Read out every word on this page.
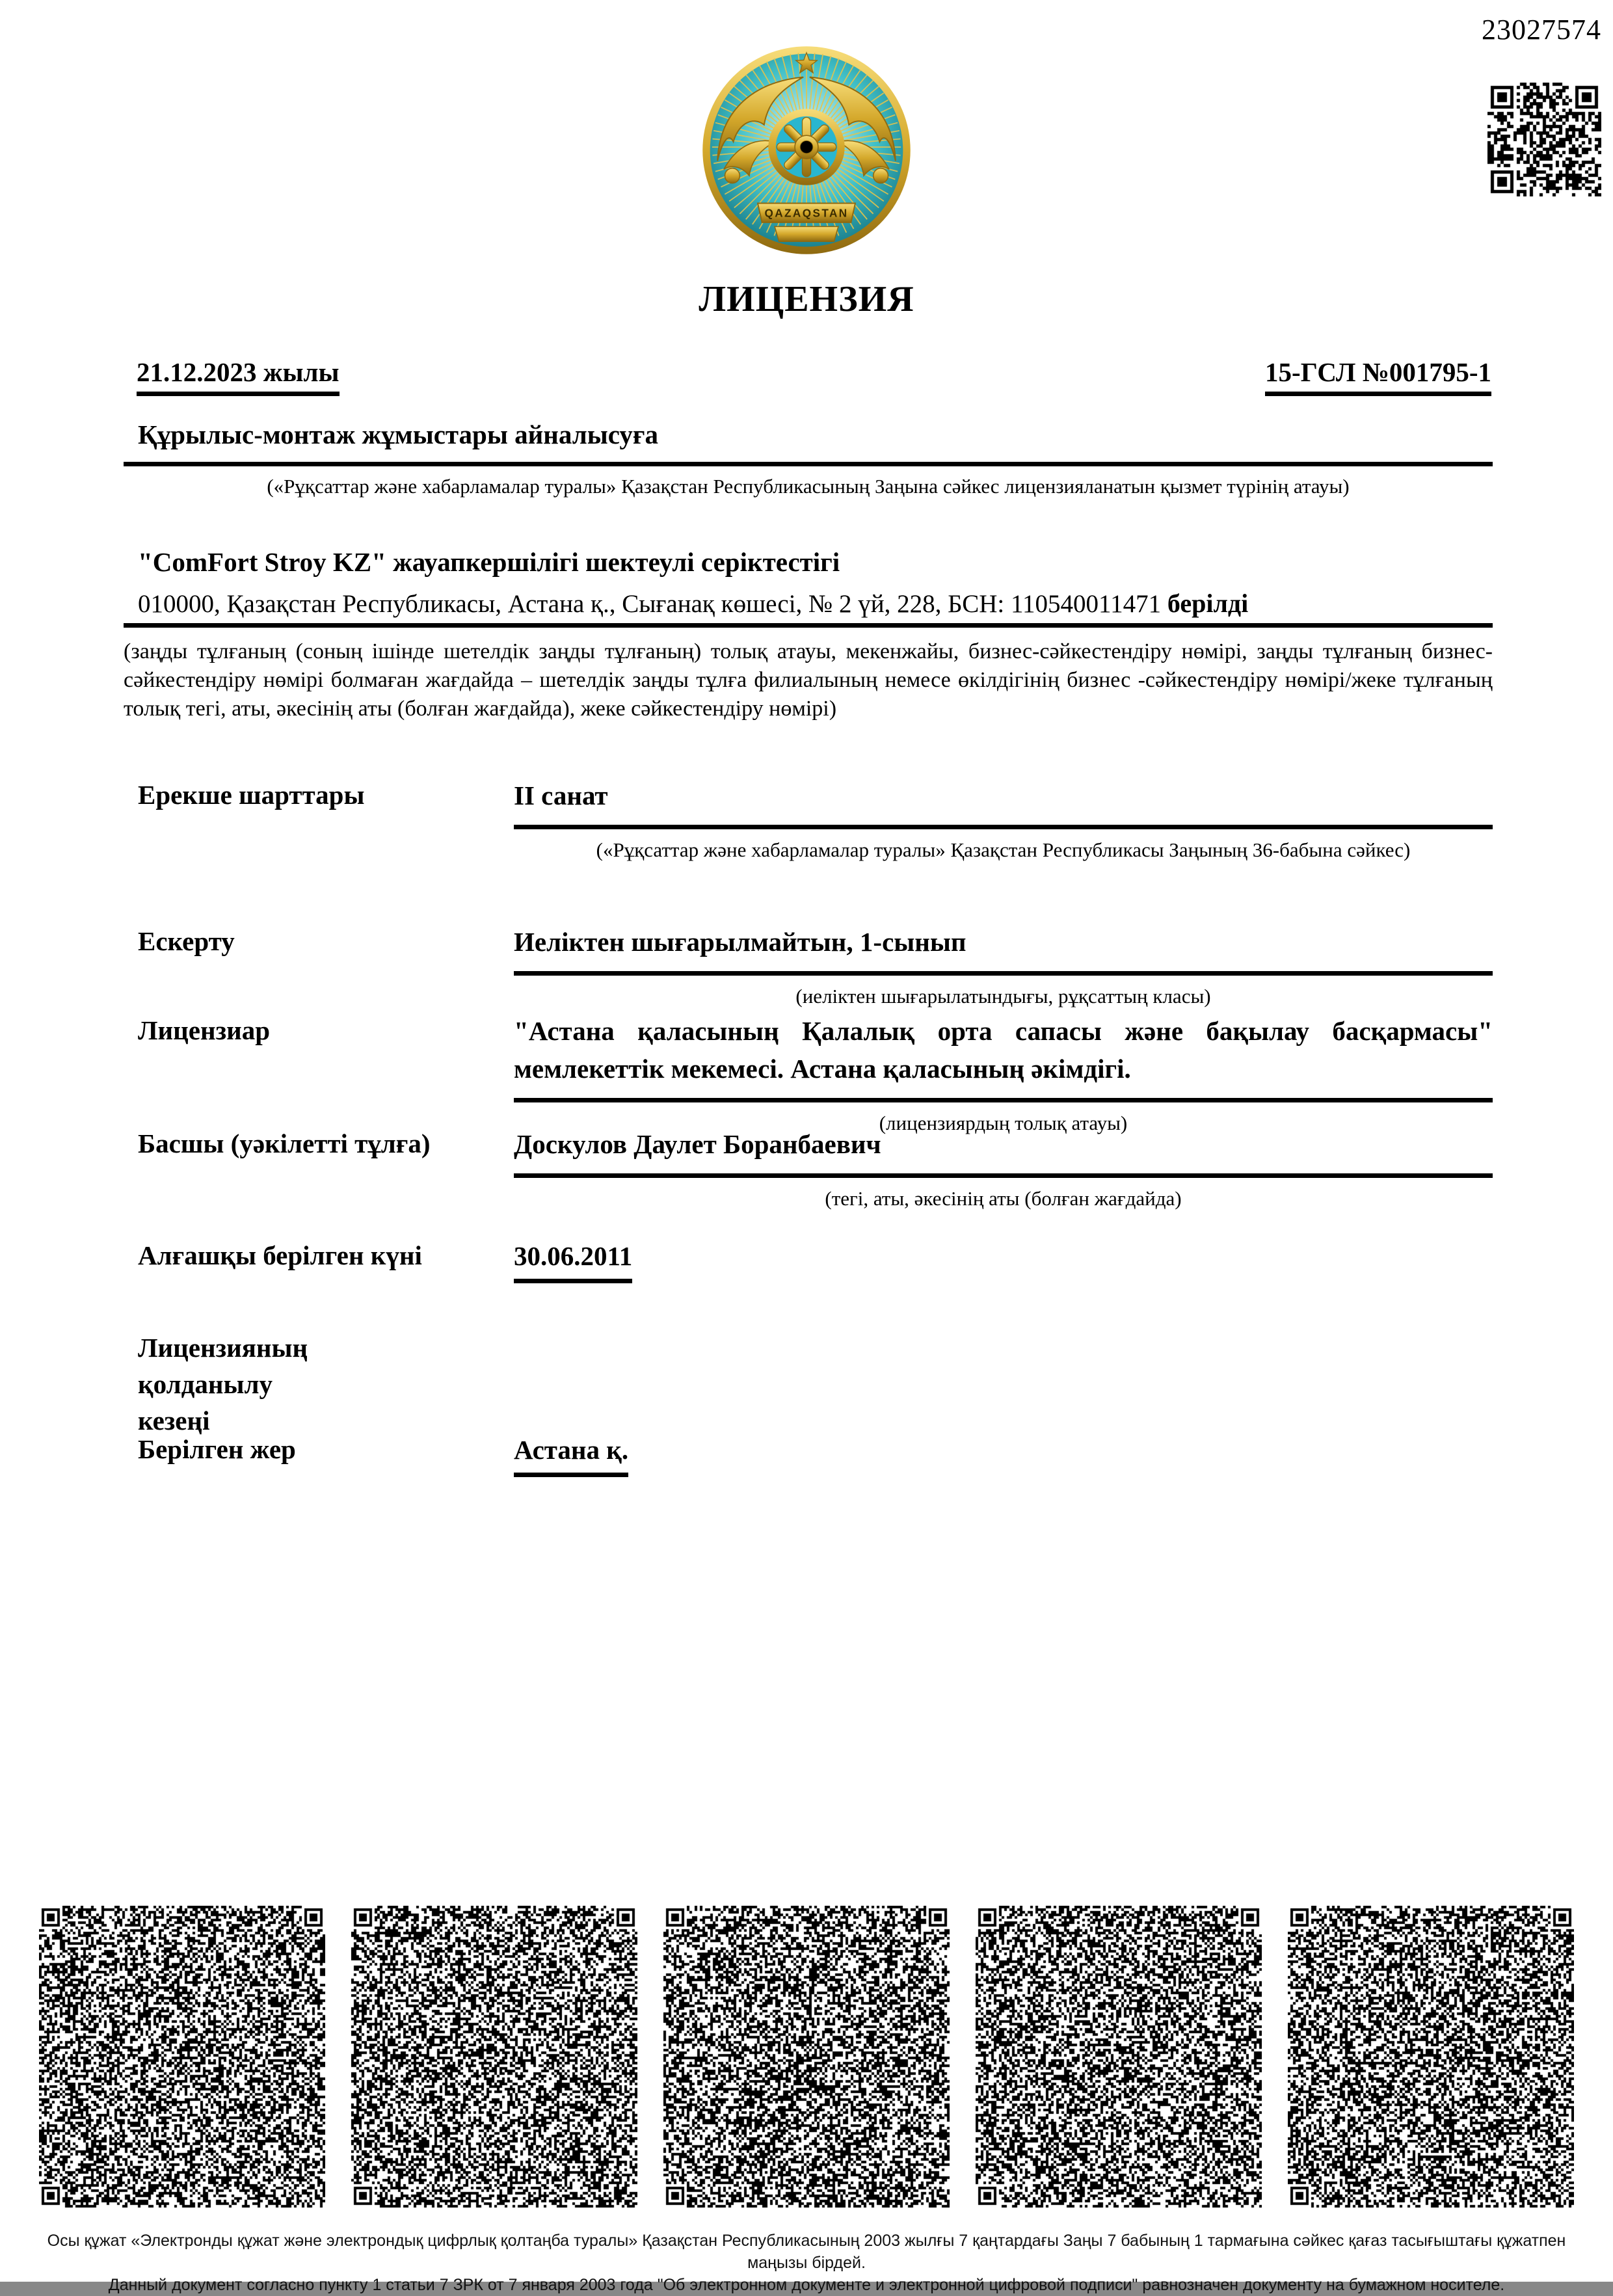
23027574
QAZAQSTAN
ЛИЦЕНЗИЯ
21.12.2023 жылы	15-ГСЛ №001795-1
Құрылыс-монтаж жұмыстары айналысуға
(«Рұқсаттар және хабарламалар туралы» Қазақстан Республикасының Заңына сәйкес лицензияланатын қызмет түрінің атауы)
"ComFort Stroy KZ" жауапкершілігі шектеулі серіктестігі
010000, Қазақстан Республикасы, Астана қ., Сығанақ көшесі, № 2 үй, 228, БСН: 110540011471 берілді
(заңды тұлғаның (соның ішінде шетелдік заңды тұлғаның) толық атауы, мекенжайы, бизнес-сәйкестендіру нөмірі, заңды тұлғаның бизнес-сәйкестендіру нөмірі болмаған жағдайда – шетелдік заңды тұлға филиалының немесе өкілдігінің бизнес -сәйкестендіру нөмірі/жеке тұлғаның толық тегі, аты, әкесінің аты (болған жағдайда), жеке сәйкестендіру нөмірі)
Ерекше шарттары	II санат
(«Рұқсаттар және хабарламалар туралы» Қазақстан Республикасы Заңының 36-бабына сәйкес)
Ескерту	Иеліктен шығарылмайтын, 1-сынып
(иеліктен шығарылатындығы, рұқсаттың класы)
Лицензиар	"Астана қаласының Қалалық орта сапасы және бақылау басқармасы" мемлекеттік мекемесі. Астана қаласының әкімдігі.
(лицензиярдың толық атауы)
Басшы (уәкілетті тұлға)	Доскулов Даулет Боранбаевич
(тегі, аты, әкесінің аты (болған жағдайда)
Алғашқы берілген күні	30.06.2011
Лицензияның қолданылу кезеңі
Берілген жер	Астана қ.
Осы құжат «Электронды құжат және электрондық цифрлық қолтаңба туралы» Қазақстан Республикасының 2003 жылғы 7 қаңтардағы Заңы 7 бабының 1 тармағына сәйкес қағаз тасығыштағы құжатпен маңызы бірдей.
Данный документ согласно пункту 1 статьи 7 ЗРК от 7 января 2003 года "Об электронном документе и электронной цифровой подписи" равнозначен документу на бумажном носителе.
